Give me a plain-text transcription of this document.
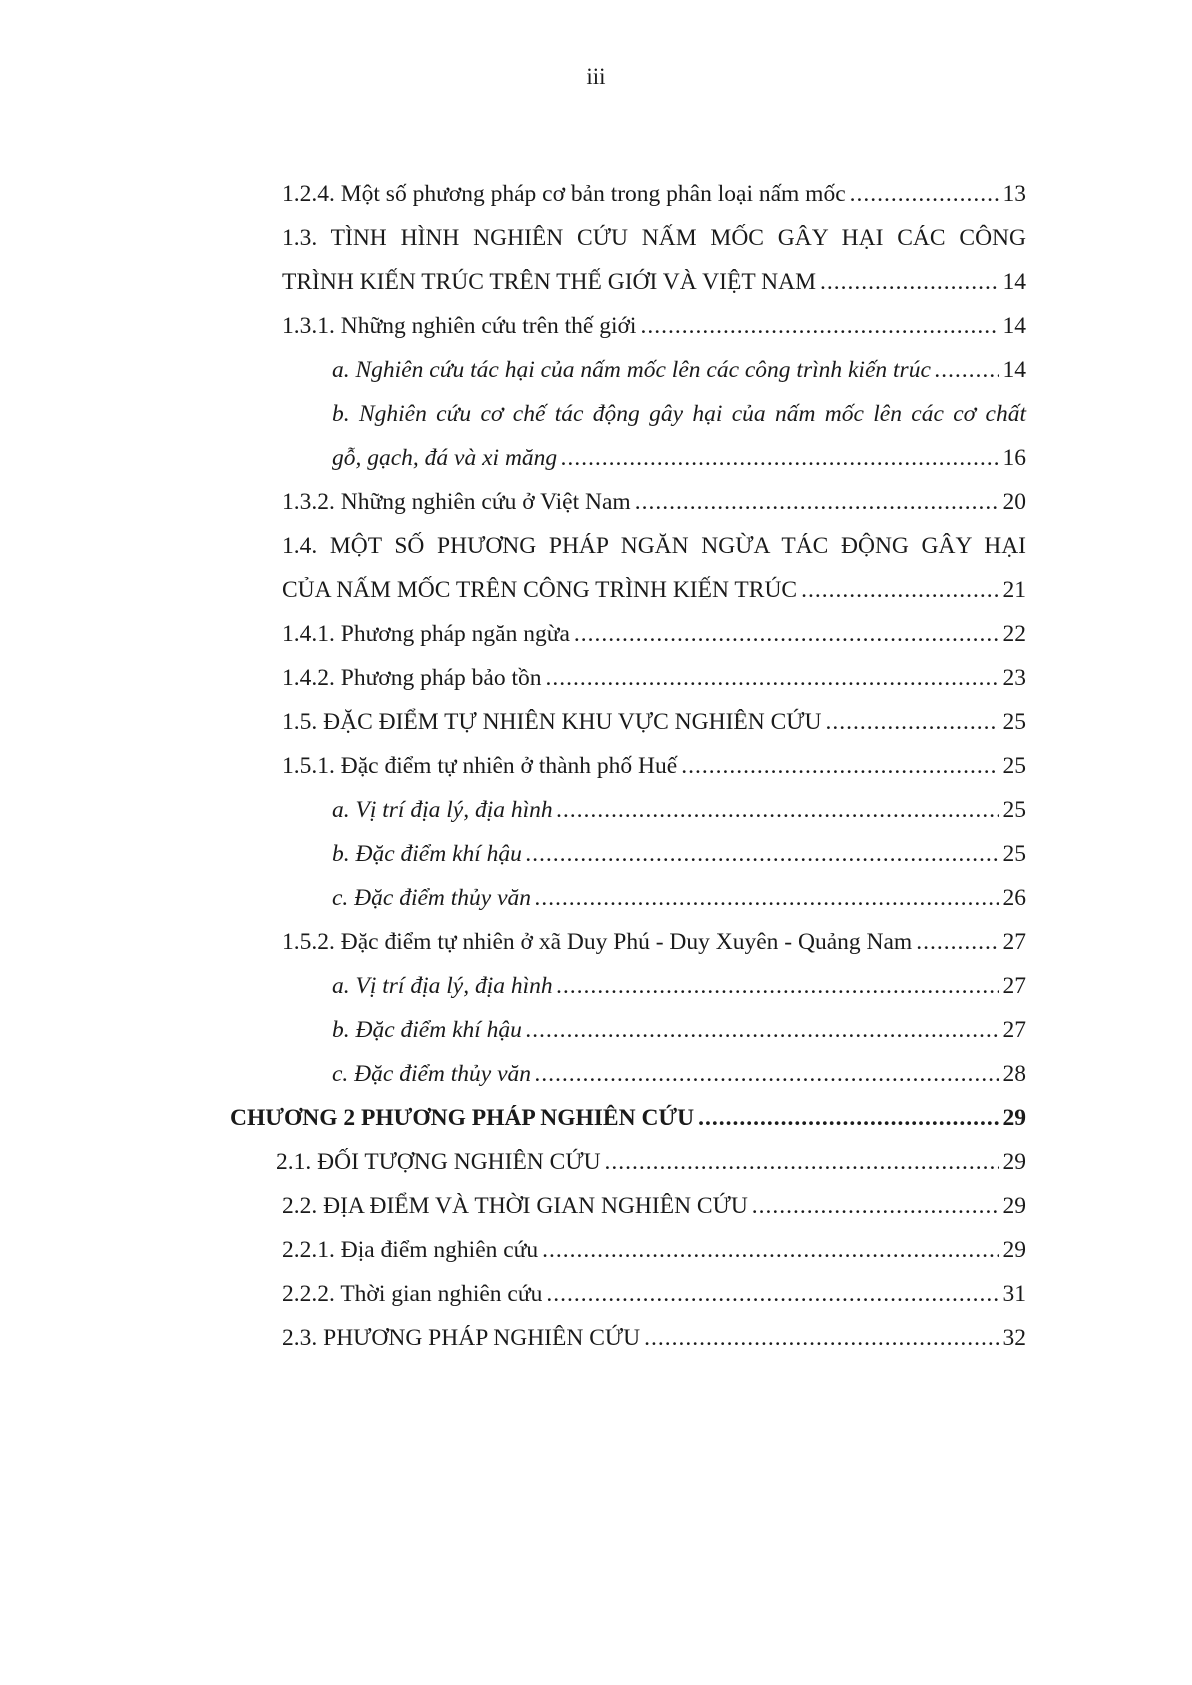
iii
1.2.4. Một số phương pháp cơ bản trong phân loại nấm mốc .....	13
1.3. TÌNH HÌNH NGHIÊN CỨU NẤM MỐC GÂY HẠI CÁC CÔNG
TRÌNH KIẾN TRÚC TRÊN THẾ GIỚI VÀ VIỆT NAM .....	14
1.3.1. Những nghiên cứu trên thế giới .....	14
a. Nghiên cứu tác hại của nấm mốc lên các công trình kiến trúc .....	14
b. Nghiên cứu cơ chế tác động gây hại của nấm mốc lên các cơ chất
gỗ, gạch, đá và xi măng .....	16
1.3.2. Những nghiên cứu ở Việt Nam .....	20
1.4. MỘT SỐ PHƯƠNG PHÁP NGĂN NGỪA TÁC ĐỘNG GÂY HẠI
CỦA NẤM MỐC TRÊN CÔNG TRÌNH KIẾN TRÚC .....	21
1.4.1. Phương pháp ngăn ngừa .....	22
1.4.2. Phương pháp bảo tồn .....	23
1.5. ĐẶC ĐIỂM TỰ NHIÊN KHU VỰC NGHIÊN CỨU .....	25
1.5.1. Đặc điểm tự nhiên ở thành phố Huế .....	25
a. Vị trí địa lý, địa hình .....	25
b. Đặc điểm khí hậu .....	25
c. Đặc điểm thủy văn .....	26
1.5.2. Đặc điểm tự nhiên ở xã Duy Phú - Duy Xuyên - Quảng Nam .....	27
a. Vị trí địa lý, địa hình .....	27
b. Đặc điểm khí hậu .....	27
c. Đặc điểm thủy văn .....	28
CHƯƠNG 2 PHƯƠNG PHÁP NGHIÊN CỨU .....	29
2.1. ĐỐI TƯỢNG NGHIÊN CỨU .....	29
2.2. ĐỊA ĐIỂM VÀ THỜI GIAN NGHIÊN CỨU .....	29
2.2.1. Địa điểm nghiên cứu .....	29
2.2.2. Thời gian nghiên cứu .....	31
2.3. PHƯƠNG PHÁP NGHIÊN CỨU .....	32
